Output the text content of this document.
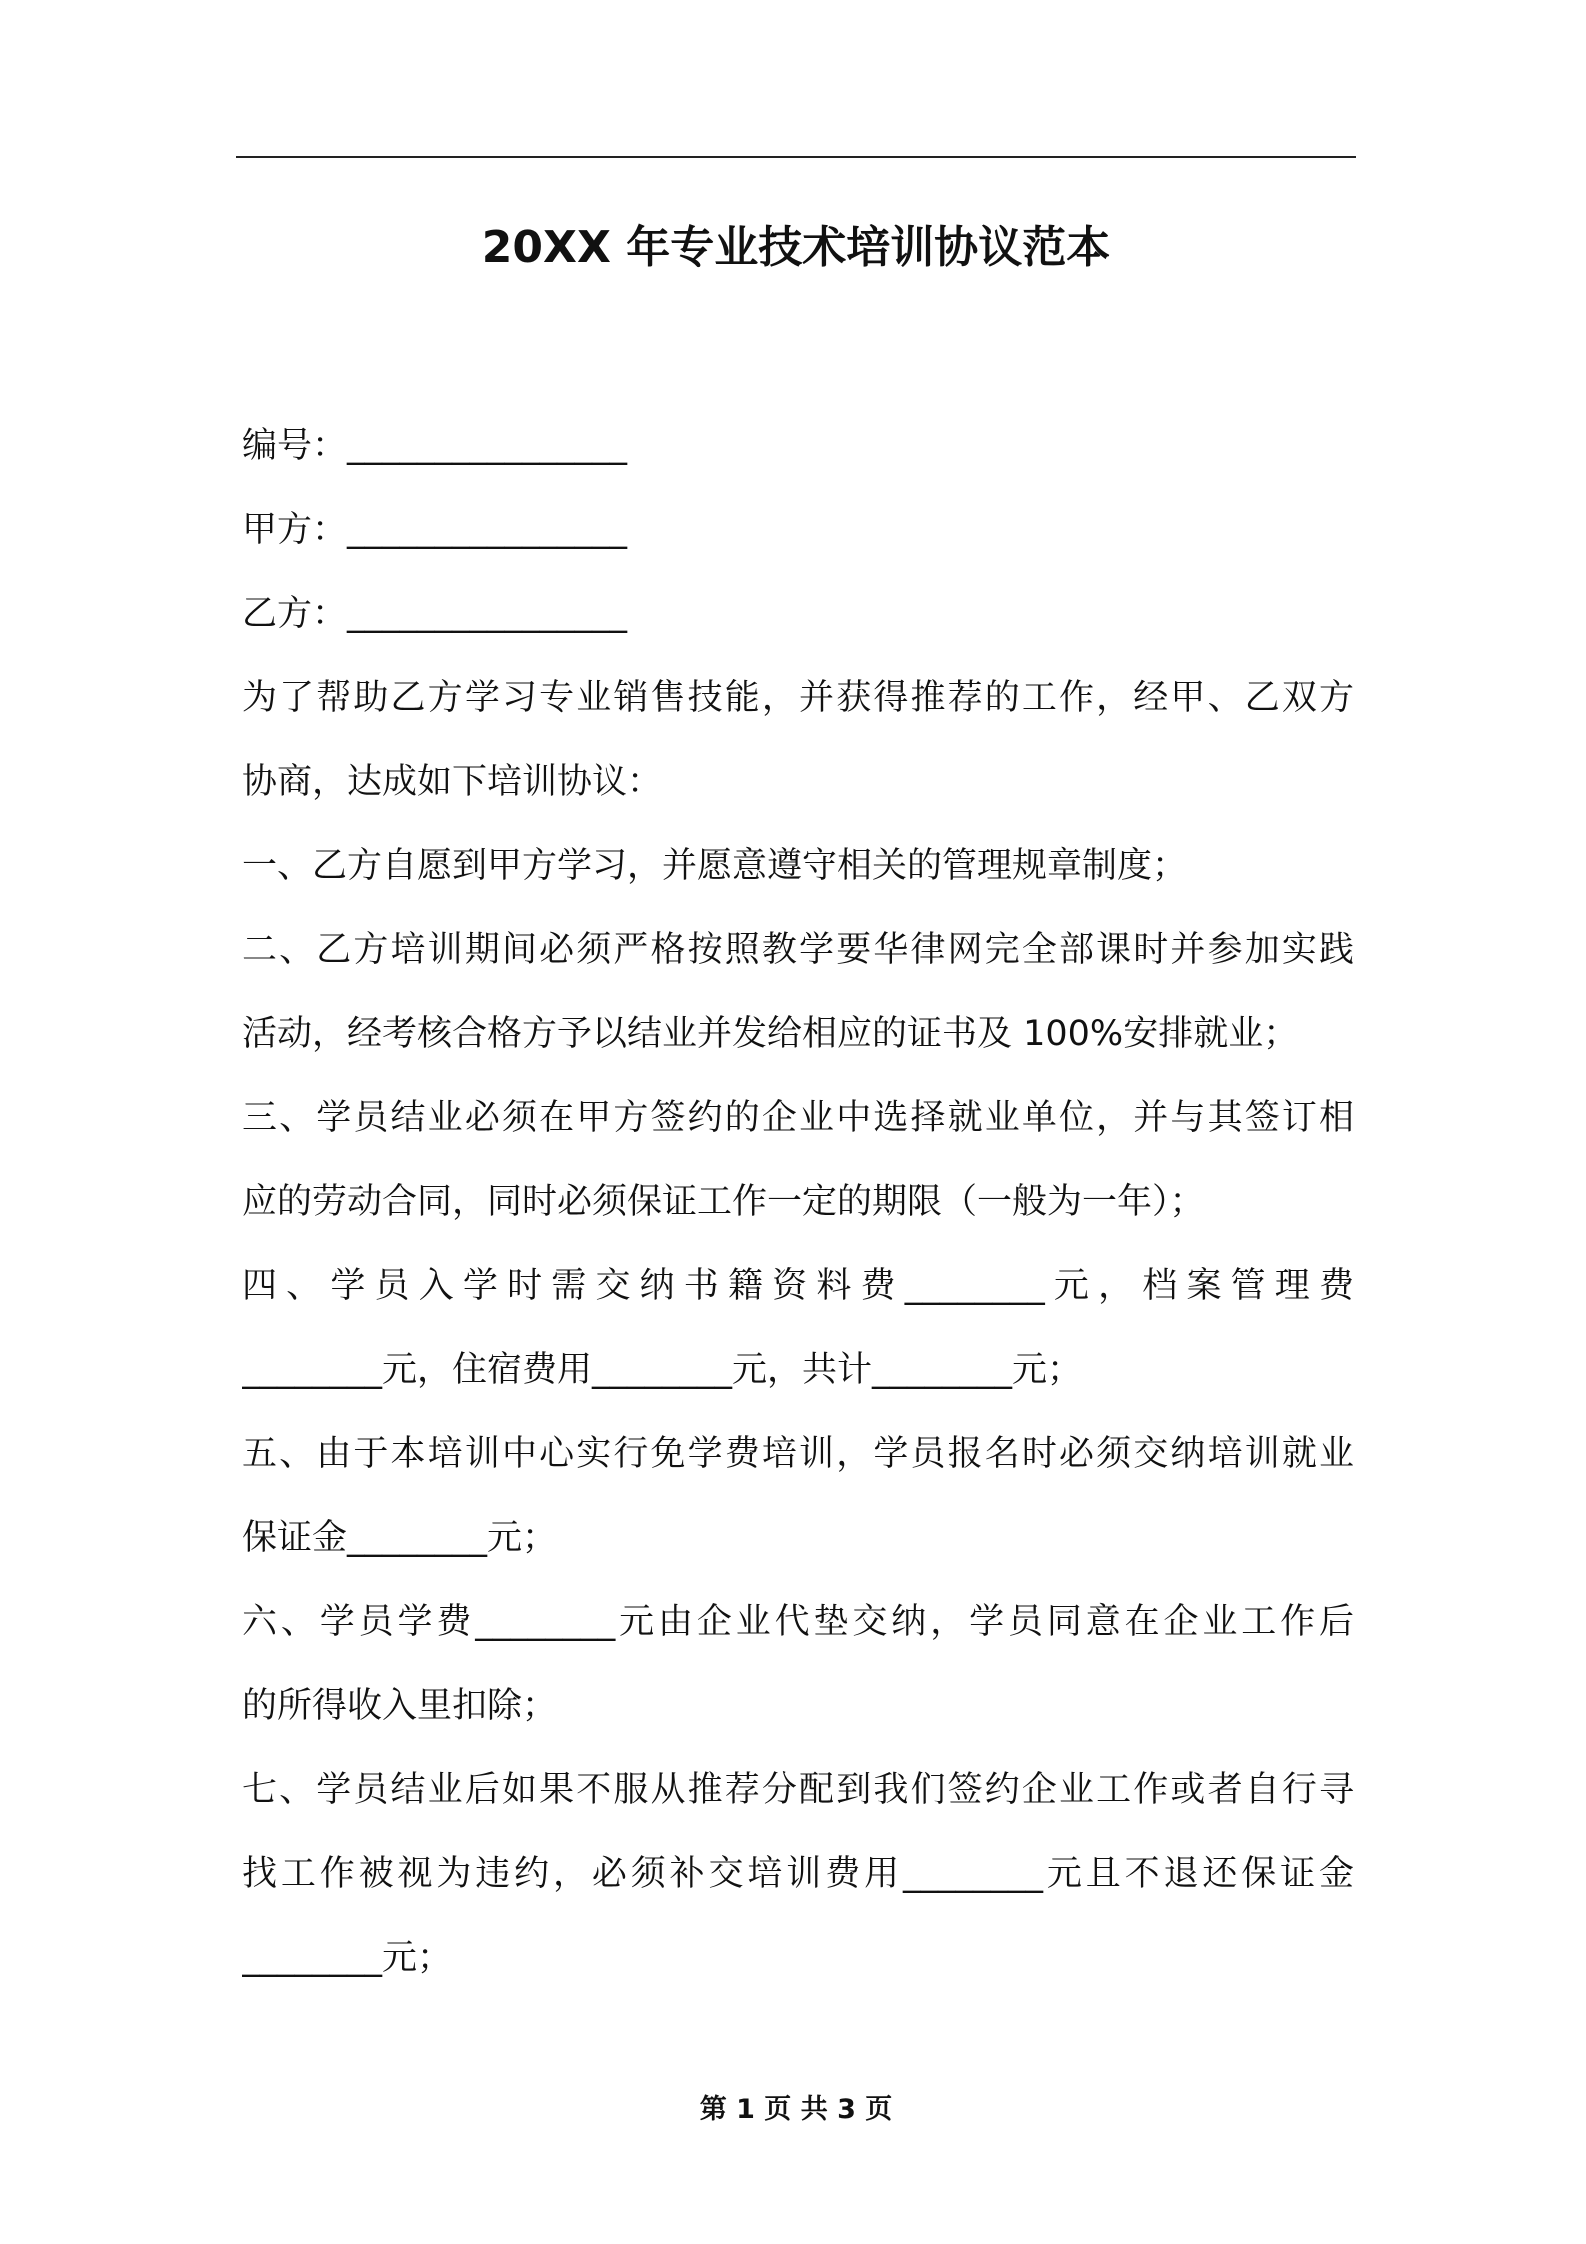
20XX 年专业技术培训协议范本
编号：________________
甲方：________________
乙方：________________
为了帮助乙方学习专业销售技能，并获得推荐的工作，经甲、乙双方
协商，达成如下培训协议：
一、乙方自愿到甲方学习，并愿意遵守相关的管理规章制度；
二、乙方培训期间必须严格按照教学要华律网完全部课时并参加实践
活动，经考核合格方予以结业并发给相应的证书及 100%安排就业；
三、学员结业必须在甲方签约的企业中选择就业单位，并与其签订相
应的劳动合同，同时必须保证工作一定的期限（一般为一年）；
四、学员入学时需交纳书籍资料费________元，档案管理费
________元，住宿费用________元，共计________元；
五、由于本培训中心实行免学费培训，学员报名时必须交纳培训就业
保证金________元；
六、学员学费________元由企业代垫交纳，学员同意在企业工作后
的所得收入里扣除；
七、学员结业后如果不服从推荐分配到我们签约企业工作或者自行寻
找工作被视为违约，必须补交培训费用________元且不退还保证金
________元；
第 1 页 共 3 页
